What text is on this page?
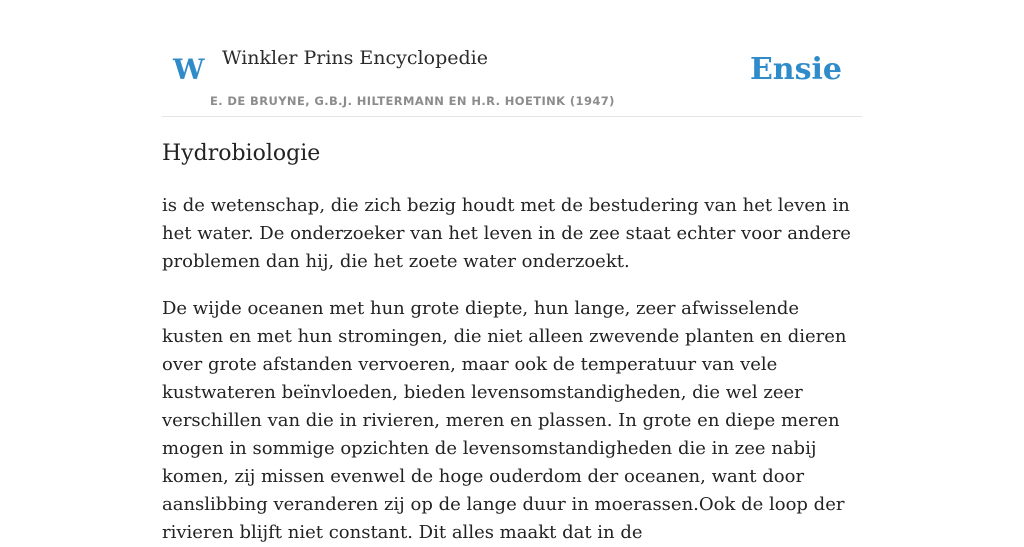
W Winkler Prins Encyclopedie
E. DE BRUYNE, G.B.J. HILTERMANN EN H.R. HOETINK (1947)
Ensie
Hydrobiologie

is de wetenschap, die zich bezig houdt met de bestudering van het leven in het water. De onderzoeker van het leven in de zee staat echter voor andere problemen dan hij, die het zoete water onderzoekt.

De wijde oceanen met hun grote diepte, hun lange, zeer afwisselende kusten en met hun stromingen, die niet alleen zwevende planten en dieren over grote afstanden vervoeren, maar ook de temperatuur van vele kustwateren beïnvloeden, bieden levensomstandigheden, die wel zeer verschillen van die in rivieren, meren en plassen. In grote en diepe meren mogen in sommige opzichten de levensomstandigheden die in zee nabij komen, zij missen evenwel de hoge ouderdom der oceanen, want door aanslibbing veranderen zij op de lange duur in moerassen.Ook de loop der rivieren blijft niet constant. Dit alles maakt dat in de
